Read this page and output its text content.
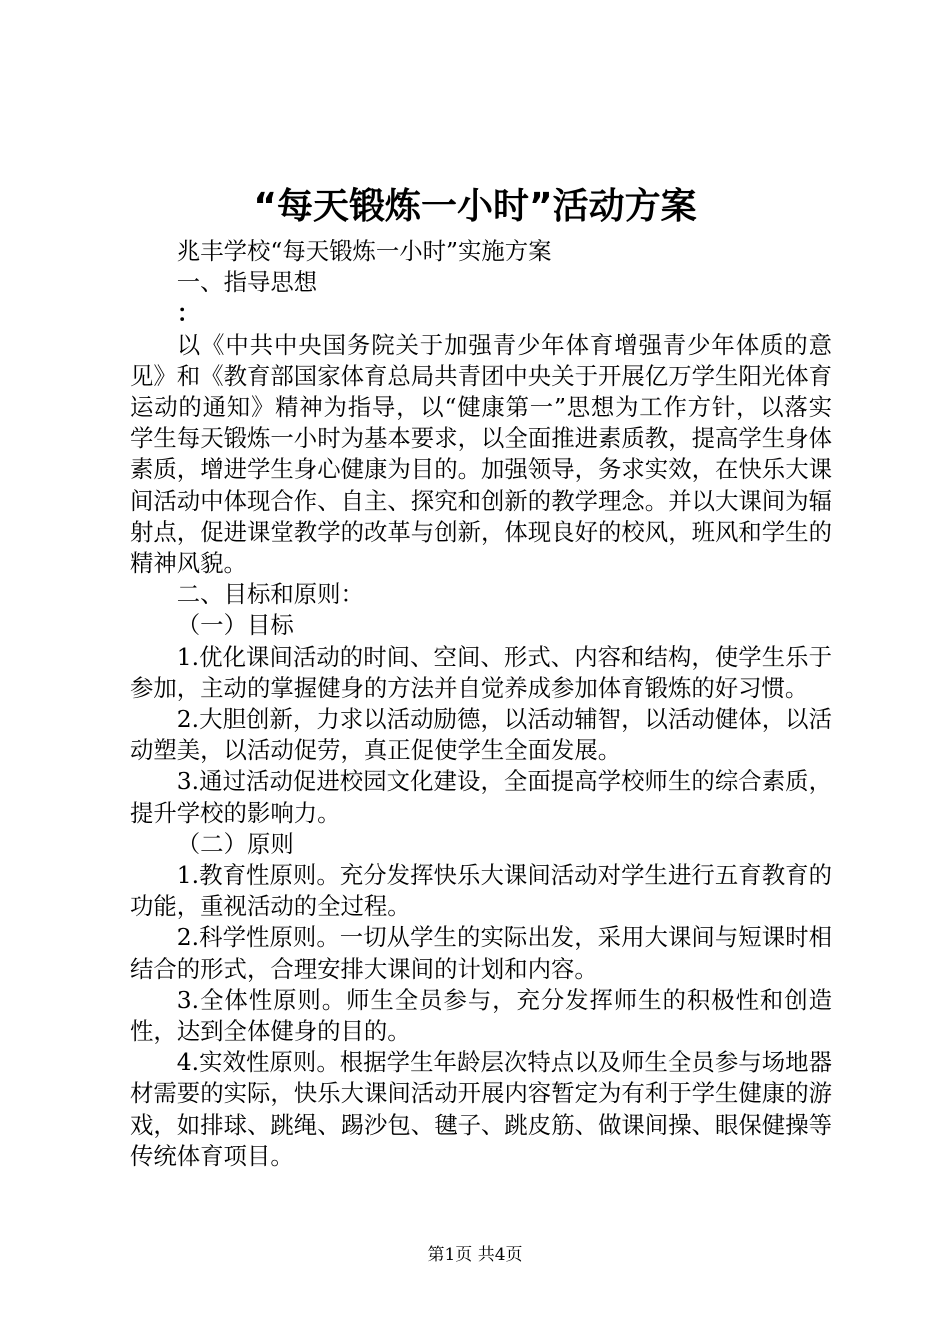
“每天锻炼一小时”活动方案

兆丰学校“每天锻炼一小时”实施方案

一、指导思想

：

以《中共中央国务院关于加强青少年体育增强青少年体质的意见》和《教育部国家体育总局共青团中央关于开展亿万学生阳光体育运动的通知》精神为指导，以“健康第一”思想为工作方针，以落实学生每天锻炼一小时为基本要求，以全面推进素质教，提高学生身体素质，增进学生身心健康为目的。加强领导，务求实效，在快乐大课间活动中体现合作、自主、探究和创新的教学理念。并以大课间为辐射点，促进课堂教学的改革与创新，体现良好的校风，班风和学生的精神风貌。

二、目标和原则：

（一）目标

1.优化课间活动的时间、空间、形式、内容和结构，使学生乐于参加，主动的掌握健身的方法并自觉养成参加体育锻炼的好习惯。

2.大胆创新，力求以活动励德，以活动辅智，以活动健体，以活动塑美，以活动促劳，真正促使学生全面发展。

3.通过活动促进校园文化建设，全面提高学校师生的综合素质，提升学校的影响力。

（二）原则

1.教育性原则。充分发挥快乐大课间活动对学生进行五育教育的功能，重视活动的全过程。

2.科学性原则。一切从学生的实际出发，采用大课间与短课时相结合的形式，合理安排大课间的计划和内容。

3.全体性原则。师生全员参与，充分发挥师生的积极性和创造性，达到全体健身的目的。

4.实效性原则。根据学生年龄层次特点以及师生全员参与场地器材需要的实际，快乐大课间活动开展内容暂定为有利于学生健康的游戏，如排球、跳绳、踢沙包、毽子、跳皮筋、做课间操、眼保健操等传统体育项目。

第1页 共4页
